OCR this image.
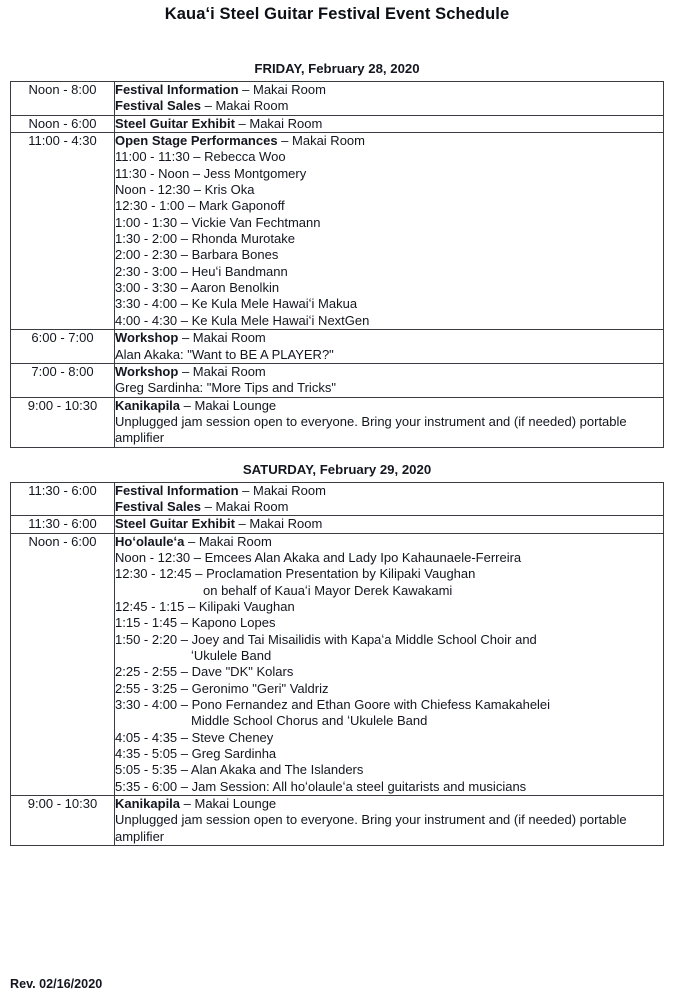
Kauaʻi Steel Guitar Festival Event Schedule
FRIDAY, February 28, 2020
Noon - 8:00	Festival Information – Makai Room
Festival Sales – Makai Room

Noon - 6:00	Steel Guitar Exhibit – Makai Room

11:00 - 4:30	Open Stage Performances – Makai Room
11:00 - 11:30 – Rebecca Woo
11:30 - Noon – Jess Montgomery
Noon - 12:30 – Kris Oka
12:30 - 1:00 – Mark Gaponoff
1:00 - 1:30 – Vickie Van Fechtmann
1:30 - 2:00 – Rhonda Murotake
2:00 - 2:30 – Barbara Bones
2:30 - 3:00 – Heuʻi Bandmann
3:00 - 3:30 – Aaron Benolkin
3:30 - 4:00 – Ke Kula Mele Hawaiʻi Makua
4:00 - 4:30 – Ke Kula Mele Hawaiʻi NextGen

6:00 - 7:00	Workshop – Makai Room
Alan Akaka: "Want to BE A PLAYER?"

7:00 - 8:00	Workshop – Makai Room
Greg Sardinha: "More Tips and Tricks"

9:00 - 10:30	Kanikapila – Makai Lounge
Unplugged jam session open to everyone. Bring your instrument and (if needed) portable amplifier
SATURDAY, February 29, 2020
11:30 - 6:00	Festival Information – Makai Room
Festival Sales – Makai Room

11:30 - 6:00	Steel Guitar Exhibit – Makai Room

Noon - 6:00	Hoʻolauleʻa – Makai Room
Noon - 12:30 – Emcees Alan Akaka and Lady Ipo Kahaunaele-Ferreira
12:30 - 12:45 – Proclamation Presentation by Kilipaki Vaughan
on behalf of Kauaʻi Mayor Derek Kawakami
12:45 - 1:15 – Kilipaki Vaughan
1:15 - 1:45 – Kapono Lopes
1:50 - 2:20 – Joey and Tai Misailidis with Kapaʻa Middle School Choir and
ʻUkulele Band
2:25 - 2:55 – Dave "DK" Kolars
2:55 - 3:25 – Geronimo "Geri" Valdriz
3:30 - 4:00 – Pono Fernandez and Ethan Goore with Chiefess Kamakahelei
Middle School Chorus and ʻUkulele Band
4:05 - 4:35 – Steve Cheney
4:35 - 5:05 – Greg Sardinha
5:05 - 5:35 – Alan Akaka and The Islanders
5:35 - 6:00 – Jam Session: All hoʻolauleʻa steel guitarists and musicians

9:00 - 10:30	Kanikapila – Makai Lounge
Unplugged jam session open to everyone. Bring your instrument and (if needed) portable amplifier
Rev. 02/16/2020
